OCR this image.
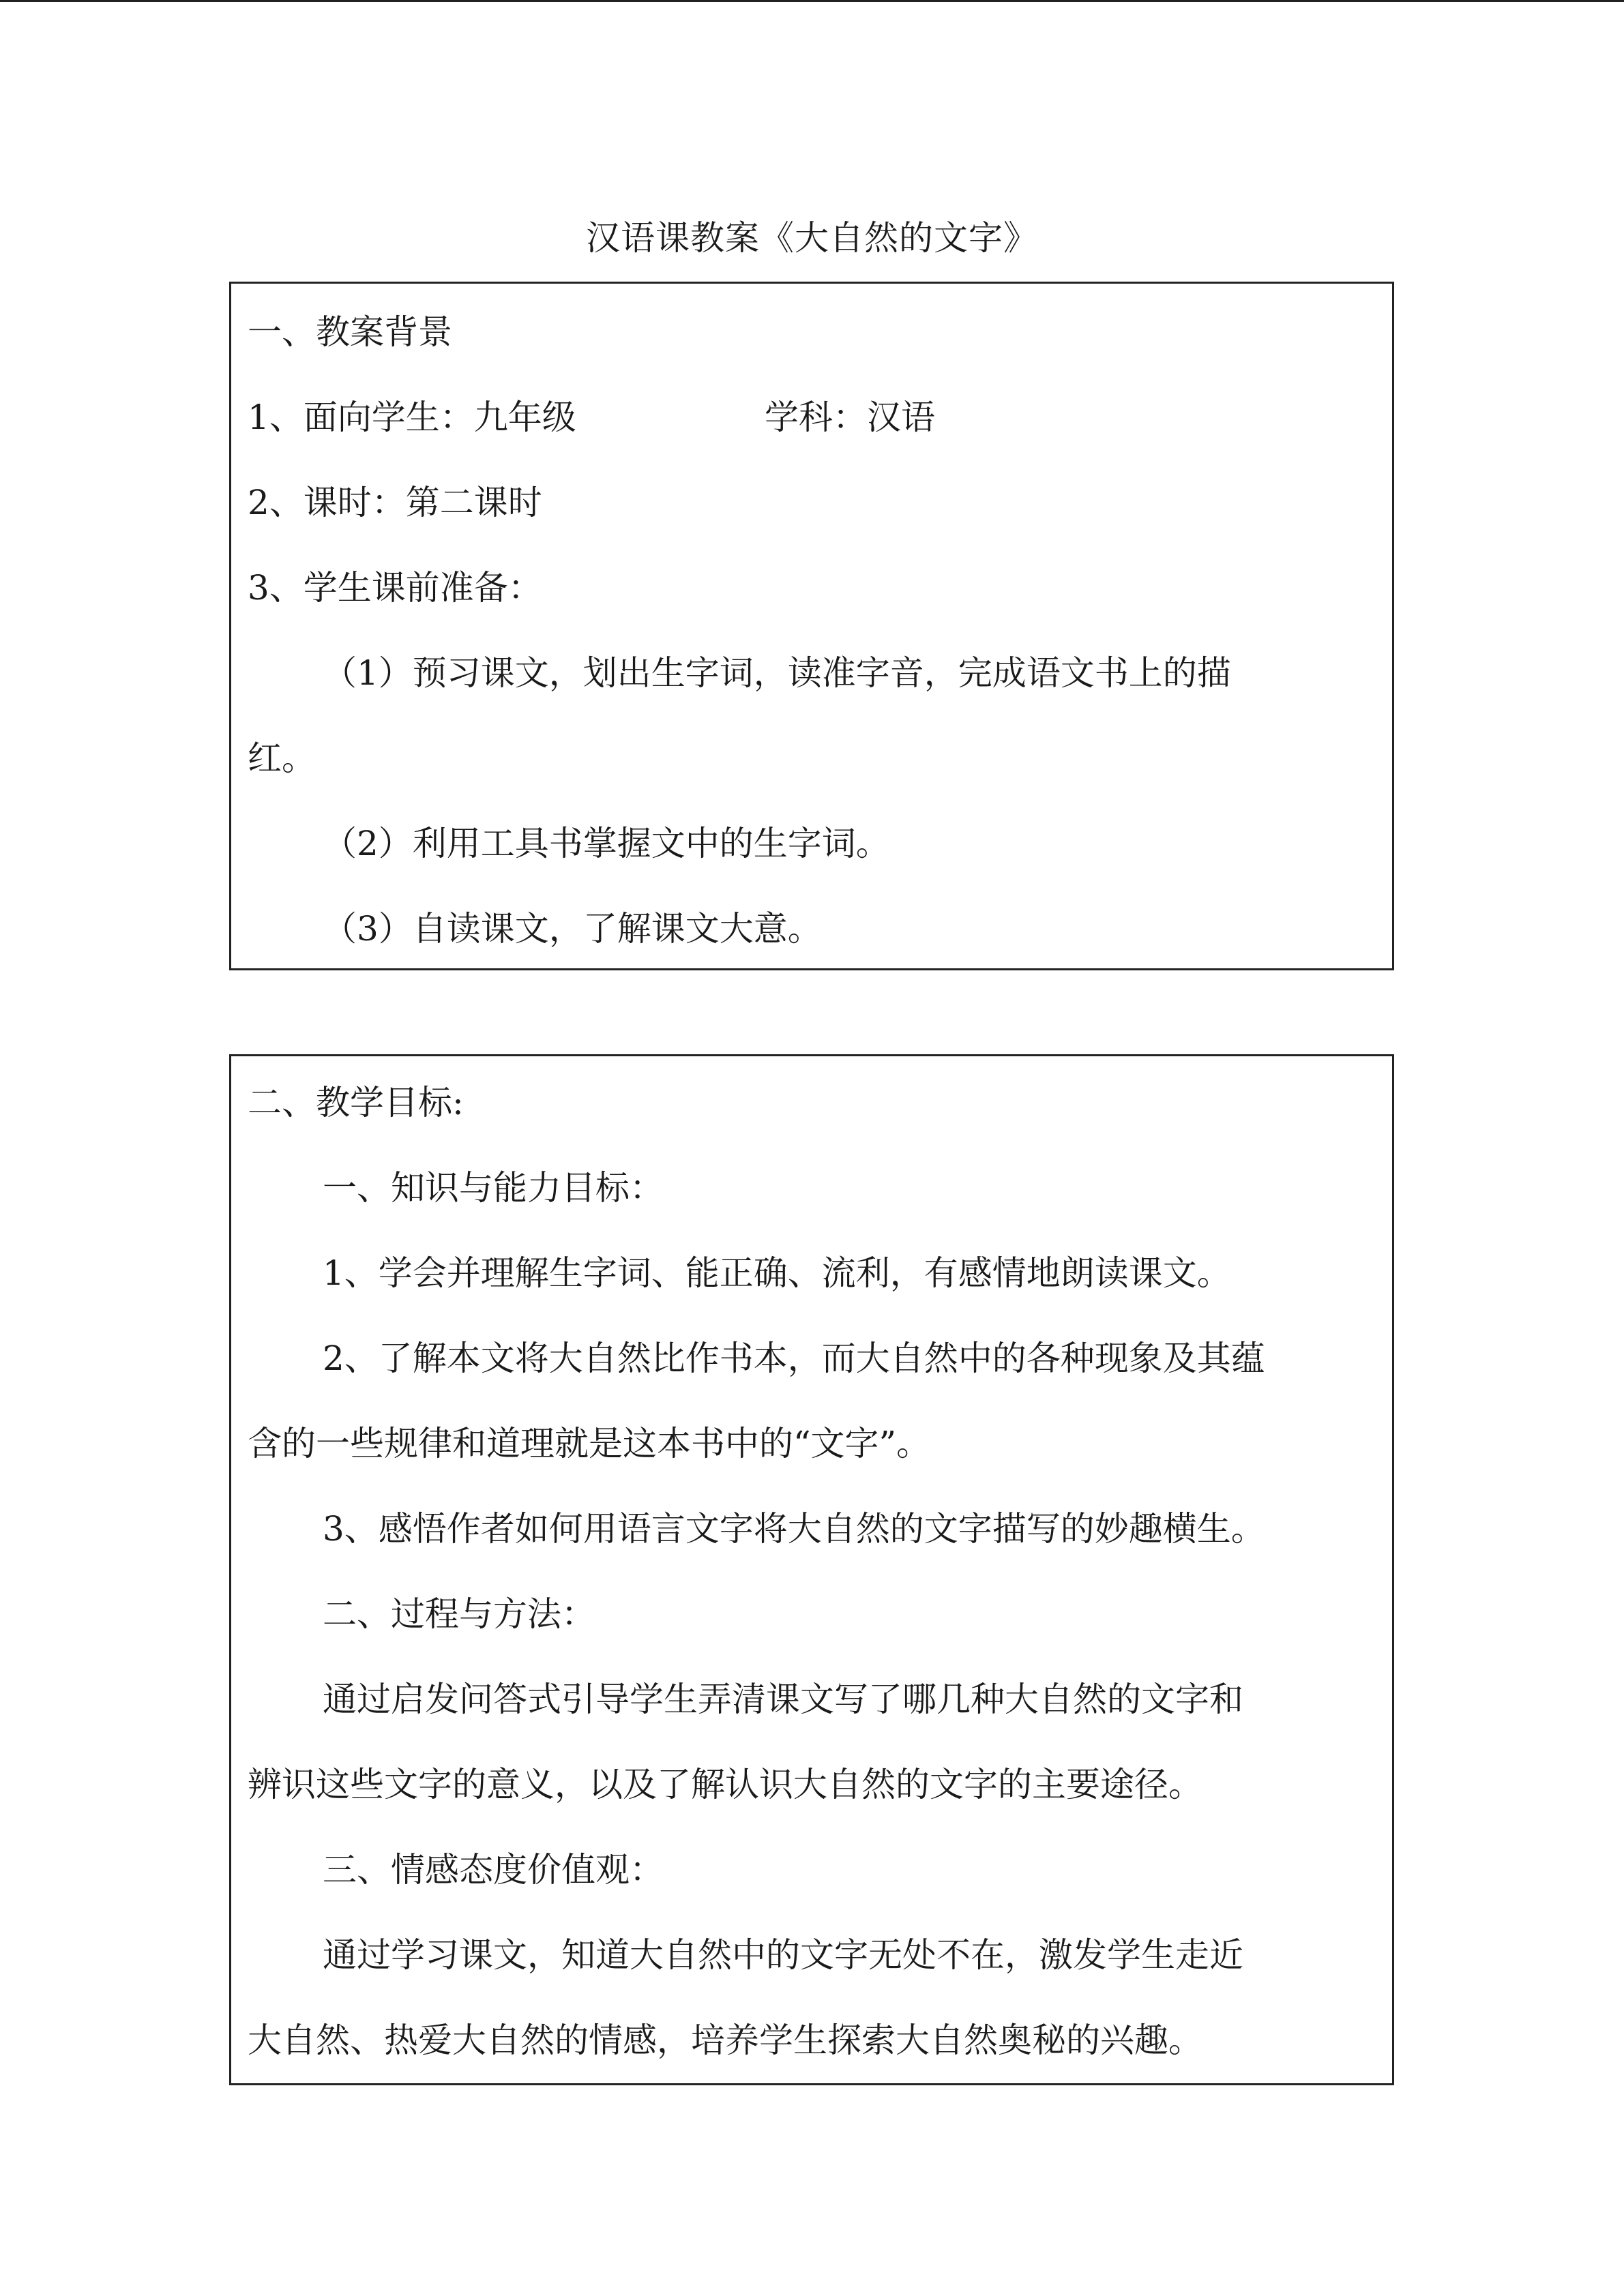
汉语课教案《大自然的文字》
一、教案背景
1、面向学生：九年级	学科：汉语
2、课时：第二课时
3、学生课前准备：
（1）预习课文，划出生字词，读准字音，完成语文书上的描
红。
（2）利用工具书掌握文中的生字词。
（3）自读课文，了解课文大意。
二、教学目标:
一、知识与能力目标：
1、学会并理解生字词、能正确、流利，有感情地朗读课文。
2、了解本文将大自然比作书本，而大自然中的各种现象及其蕴
含的一些规律和道理就是这本书中的“文字”。
3、感悟作者如何用语言文字将大自然的文字描写的妙趣横生。
二、过程与方法：
通过启发问答式引导学生弄清课文写了哪几种大自然的文字和
辨识这些文字的意义，以及了解认识大自然的文字的主要途径。
三、情感态度价值观：
通过学习课文，知道大自然中的文字无处不在，激发学生走近
大自然、热爱大自然的情感，培养学生探索大自然奥秘的兴趣。
